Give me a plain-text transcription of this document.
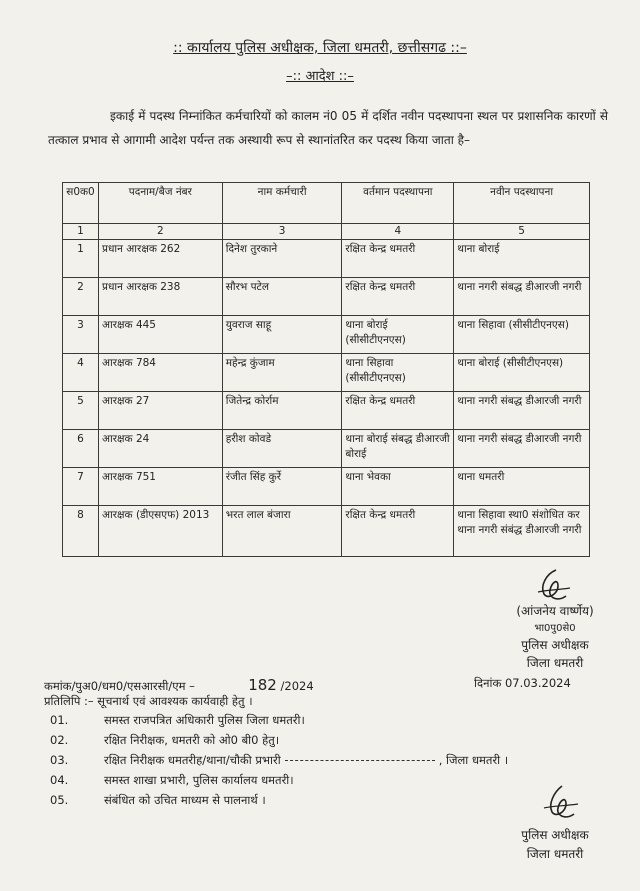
:: कार्यालय पुलिस अधीक्षक, जिला धमतरी, छत्तीसगढ ::–
–:: आदेश ::–
इकाई में पदस्थ निम्नांकित कर्मचारियों को कालम नं0 05 में दर्शित नवीन पदस्थापना स्थल पर प्रशासनिक कारणों से तत्काल प्रभाव से आगामी आदेश पर्यन्त तक अस्थायी रूप से स्थानांतरित कर पदस्थ किया जाता है–
स0क0	पदनाम/बैज नंबर	नाम कर्मचारी	वर्तमान पदस्थापना	नवीन पदस्थापना
1	2	3	4	5
1	प्रधान आरक्षक 262	दिनेश तुरकाने	रक्षित केन्द्र धमतरी	थाना बोराई
2	प्रधान आरक्षक 238	सौरभ पटेल	रक्षित केन्द्र धमतरी	थाना नगरी संबद्ध डीआरजी नगरी
3	आरक्षक 445	युवराज साहू	थाना बोराई (सीसीटीएनएस)	थाना सिहावा (सीसीटीएनएस)
4	आरक्षक 784	महेन्द्र कुंजाम	थाना सिहावा (सीसीटीएनएस)	थाना बोराई (सीसीटीएनएस)
5	आरक्षक 27	जितेन्द्र कोर्राम	रक्षित केन्द्र धमतरी	थाना नगरी संबद्ध डीआरजी नगरी
6	आरक्षक 24	हरीश कोवडे	थाना बोराई संबद्ध डीआरजी बोराई	थाना नगरी संबद्ध डीआरजी नगरी
7	आरक्षक 751	रंजीत सिंह कुर्रे	थाना भेवका	थाना धमतरी
8	आरक्षक (डीएसएफ) 2013	भरत लाल बंजारा	रक्षित केन्द्र धमतरी	थाना सिहावा स्था0 संशोधित कर थाना नगरी संबंद्ध डीआरजी नगरी
(आंजनेय वार्ष्णेय)
भा0पु0से0
पुलिस अधीक्षक
जिला धमतरी
कमांक/पुअ0/धम0/एसआरसी/एम –	182 /2024	दिनांक 07.03.2024
प्रतिलिपि :– सूचनार्थ एवं आवश्यक कार्यवाही हेतु ।
01.	समस्त राजपत्रित अधिकारी पुलिस जिला धमतरी।
02.	रक्षित निरीक्षक, धमतरी को ओ0 बी0 हेतु।
03.	रक्षित निरीक्षक धमतरीह/थाना/चौकी प्रभारी	, जिला धमतरी ।
04.	समस्त शाखा प्रभारी, पुलिस कार्यालय धमतरी।
05.	संबंधित को उचित माध्यम से पालनार्थ ।
पुलिस अधीक्षक
जिला धमतरी
